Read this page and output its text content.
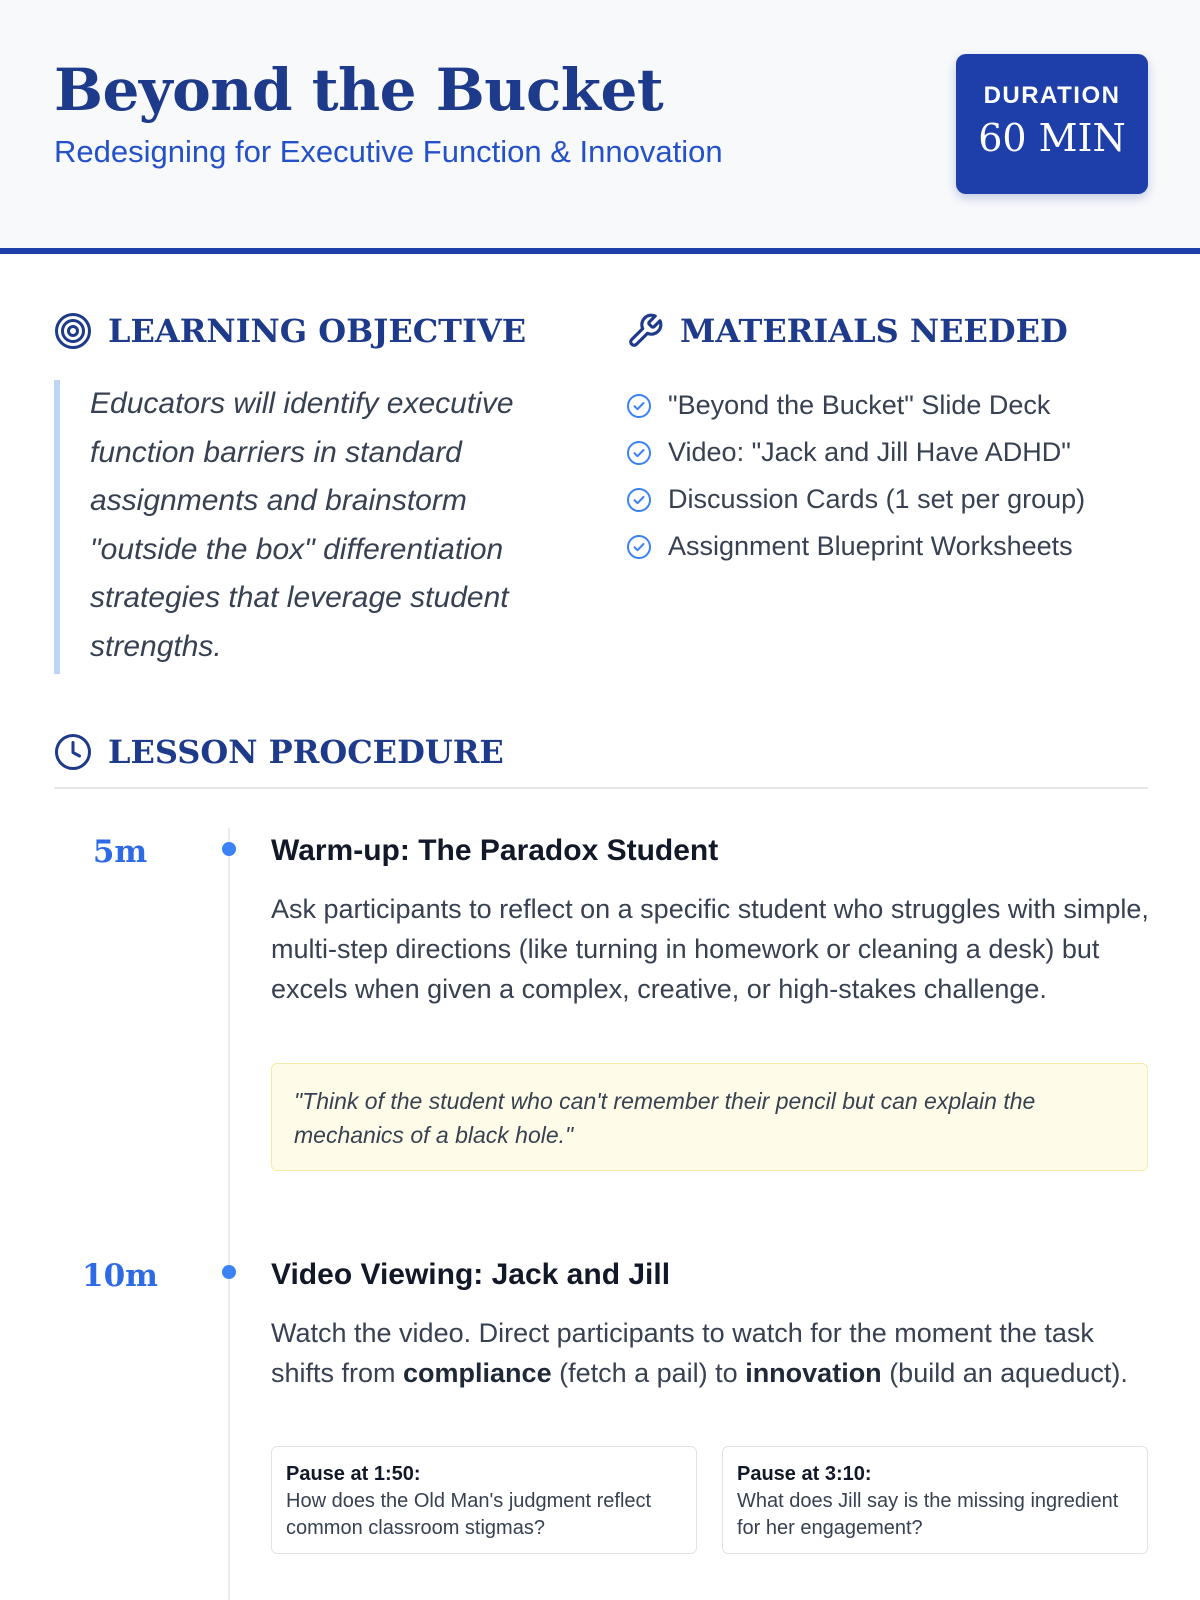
Beyond the Bucket
Redesigning for Executive Function & Innovation
DURATION
60 MIN
LEARNING OBJECTIVE
Educators will identify executive function barriers in standard assignments and brainstorm "outside the box" differentiation strategies that leverage student strengths.
MATERIALS NEEDED
"Beyond the Bucket" Slide Deck
Video: "Jack and Jill Have ADHD"
Discussion Cards (1 set per group)
Assignment Blueprint Worksheets
LESSON PROCEDURE
5m	Warm-up: The Paradox Student
Ask participants to reflect on a specific student who struggles with simple, multi-step directions (like turning in homework or cleaning a desk) but excels when given a complex, creative, or high-stakes challenge.
"Think of the student who can't remember their pencil but can explain the mechanics of a black hole."
10m	Video Viewing: Jack and Jill
Watch the video. Direct participants to watch for the moment the task shifts from compliance (fetch a pail) to innovation (build an aqueduct).
Pause at 1:50:
How does the Old Man's judgment reflect common classroom stigmas?
Pause at 3:10:
What does Jill say is the missing ingredient for her engagement?
